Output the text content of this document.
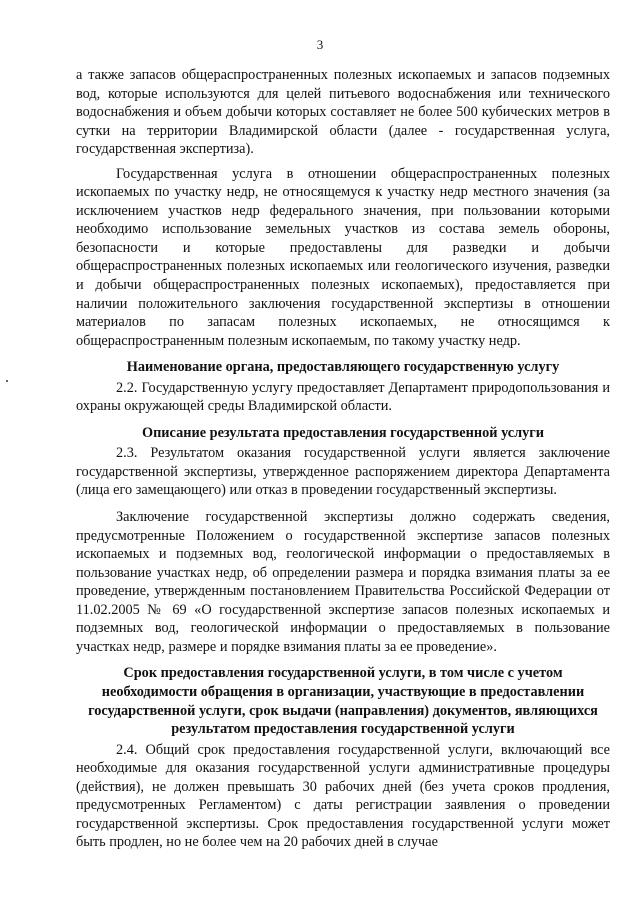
3

а также запасов общераспространенных полезных ископаемых и запасов подземных вод, которые используются для целей питьевого водоснабжения или технического водоснабжения и объем добычи которых составляет не более 500 кубических метров в сутки на территории Владимирской области (далее - государственная услуга, государственная экспертиза).

Государственная услуга в отношении общераспространенных полезных ископаемых по участку недр, не относящемуся к участку недр местного значения (за исключением участков недр федерального значения, при пользовании которыми необходимо использование земельных участков из состава земель обороны, безопасности и которые предоставлены для разведки и добычи общераспространенных полезных ископаемых или геологического изучения, разведки и добычи общераспространенных полезных ископаемых), предоставляется при наличии положительного заключения государственной экспертизы в отношении материалов по запасам полезных ископаемых, не относящимся к общераспространенным полезным ископаемым, по такому участку недр.

Наименование органа, предоставляющего государственную услугу

2.2. Государственную услугу предоставляет Департамент природопользования и охраны окружающей среды Владимирской области.

Описание результата предоставления государственной услуги

2.3. Результатом оказания государственной услуги является заключение государственной экспертизы, утвержденное распоряжением директора Департамента (лица его замещающего) или отказ в проведении государственный экспертизы.

Заключение государственной экспертизы должно содержать сведения, предусмотренные Положением о государственной экспертизе запасов полезных ископаемых и подземных вод, геологической информации о предоставляемых в пользование участках недр, об определении размера и порядка взимания платы за ее проведение, утвержденным постановлением Правительства Российской Федерации от 11.02.2005 № 69 «О государственной экспертизе запасов полезных ископаемых и подземных вод, геологической информации о предоставляемых в пользование участках недр, размере и порядке взимания платы за ее проведение».

Срок предоставления государственной услуги, в том числе с учетом необходимости обращения в организации, участвующие в предоставлении государственной услуги, срок выдачи (направления) документов, являющихся результатом предоставления государственной услуги

2.4. Общий срок предоставления государственной услуги, включающий все необходимые для оказания государственной услуги административные процедуры (действия), не должен превышать 30 рабочих дней (без учета сроков продления, предусмотренных Регламентом) с даты регистрации заявления о проведении государственной экспертизы. Срок предоставления государственной услуги может быть продлен, но не более чем на 20 рабочих дней в случае
